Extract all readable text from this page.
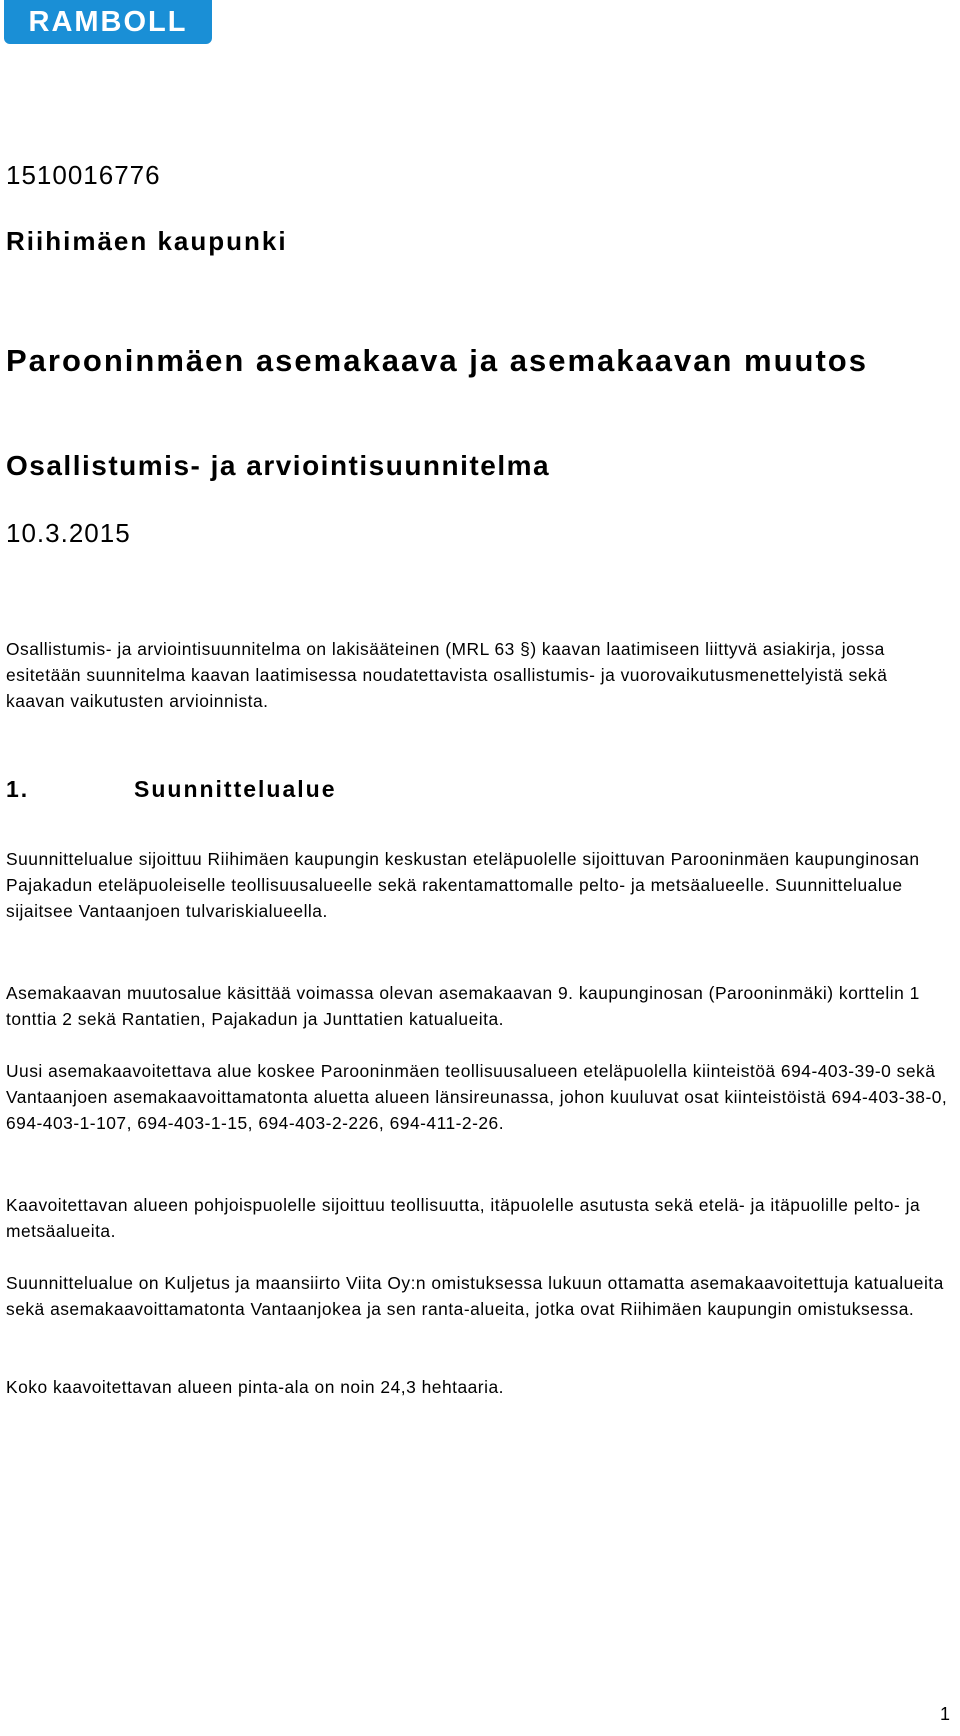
RAMBOLL
1510016776
Riihimäen kaupunki
Parooninmäen asemakaava ja asemakaavan muutos
Osallistumis- ja arviointisuunnitelma
10.3.2015
Osallistumis- ja arviointisuunnitelma on lakisääteinen (MRL 63 §) kaavan laatimiseen liittyvä asiakirja, jossa esitetään suunnitelma kaavan laatimisessa noudatettavista osallistumis- ja vuorovaikutusmenettelyistä sekä kaavan vaikutusten arvioinnista.
1.	Suunnittelualue
Suunnittelualue sijoittuu Riihimäen kaupungin keskustan eteläpuolelle sijoittuvan Parooninmäen kaupunginosan Pajakadun eteläpuoleiselle teollisuusalueelle sekä rakentamattomalle pelto- ja metsäalueelle. Suunnittelualue sijaitsee Vantaanjoen tulvariskialueella.
Asemakaavan muutosalue käsittää voimassa olevan asemakaavan 9. kaupunginosan (Parooninmäki) korttelin 1 tonttia 2 sekä Rantatien, Pajakadun ja Junttatien katualueita.
Uusi asemakaavoitettava alue koskee Parooninmäen teollisuusalueen eteläpuolella kiinteistöä 694-403-39-0 sekä Vantaanjoen asemakaavoittamatonta aluetta alueen länsireunassa, johon kuuluvat osat kiinteistöistä 694-403-38-0, 694-403-1-107, 694-403-1-15, 694-403-2-226, 694-411-2-26.
Kaavoitettavan alueen pohjoispuolelle sijoittuu teollisuutta, itäpuolelle asutusta sekä etelä- ja itäpuolille pelto- ja metsäalueita.
Suunnittelualue on Kuljetus ja maansiirto Viita Oy:n omistuksessa lukuun ottamatta asemakaavoitettuja katualueita sekä asemakaavoittamatonta Vantaanjokea ja sen ranta-alueita, jotka ovat Riihimäen kaupungin omistuksessa.
Koko kaavoitettavan alueen pinta-ala on noin 24,3 hehtaaria.
1
